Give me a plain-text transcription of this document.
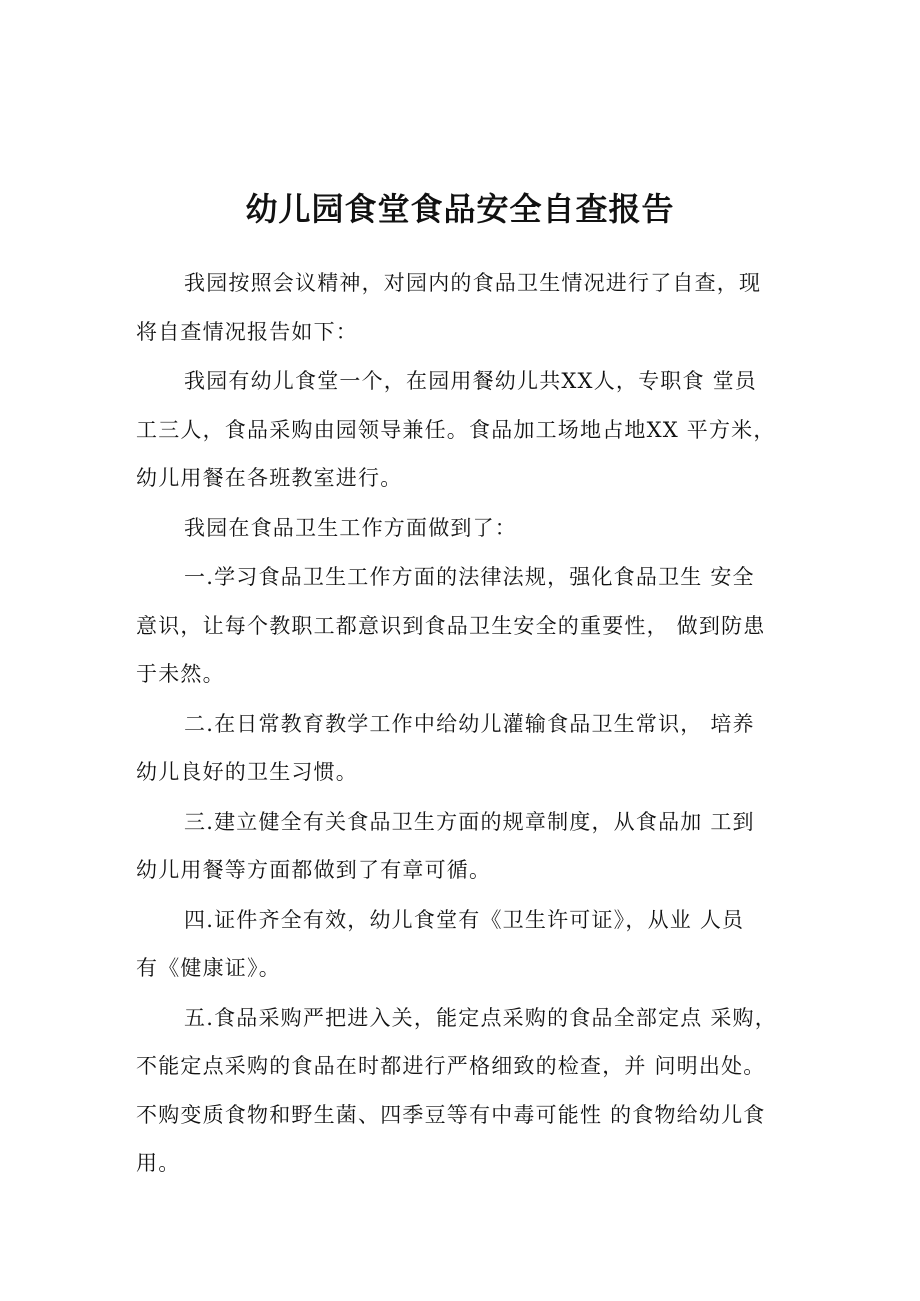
幼儿园食堂食品安全自查报告
我园按照会议精神，对园内的食品卫生情况进行了自查，现
将自查情况报告如下：
我园有幼儿食堂一个，在园用餐幼儿共XX人，专职食 堂员
工三人，食品采购由园领导兼任。食品加工场地占地XX 平方米，
幼儿用餐在各班教室进行。
我园在食品卫生工作方面做到了：
一.学习食品卫生工作方面的法律法规，强化食品卫生 安全
意识，让每个教职工都意识到食品卫生安全的重要性， 做到防患
于未然。
二.在日常教育教学工作中给幼儿灌输食品卫生常识， 培养
幼儿良好的卫生习惯。
三.建立健全有关食品卫生方面的规章制度，从食品加 工到
幼儿用餐等方面都做到了有章可循。
四.证件齐全有效，幼儿食堂有《卫生许可证》，从业 人员
有《健康证》。
五.食品采购严把进入关，能定点采购的食品全部定点 采购，
不能定点采购的食品在时都进行严格细致的检查，并 问明出处。
不购变质食物和野生菌、四季豆等有中毒可能性 的食物给幼儿食
用。
